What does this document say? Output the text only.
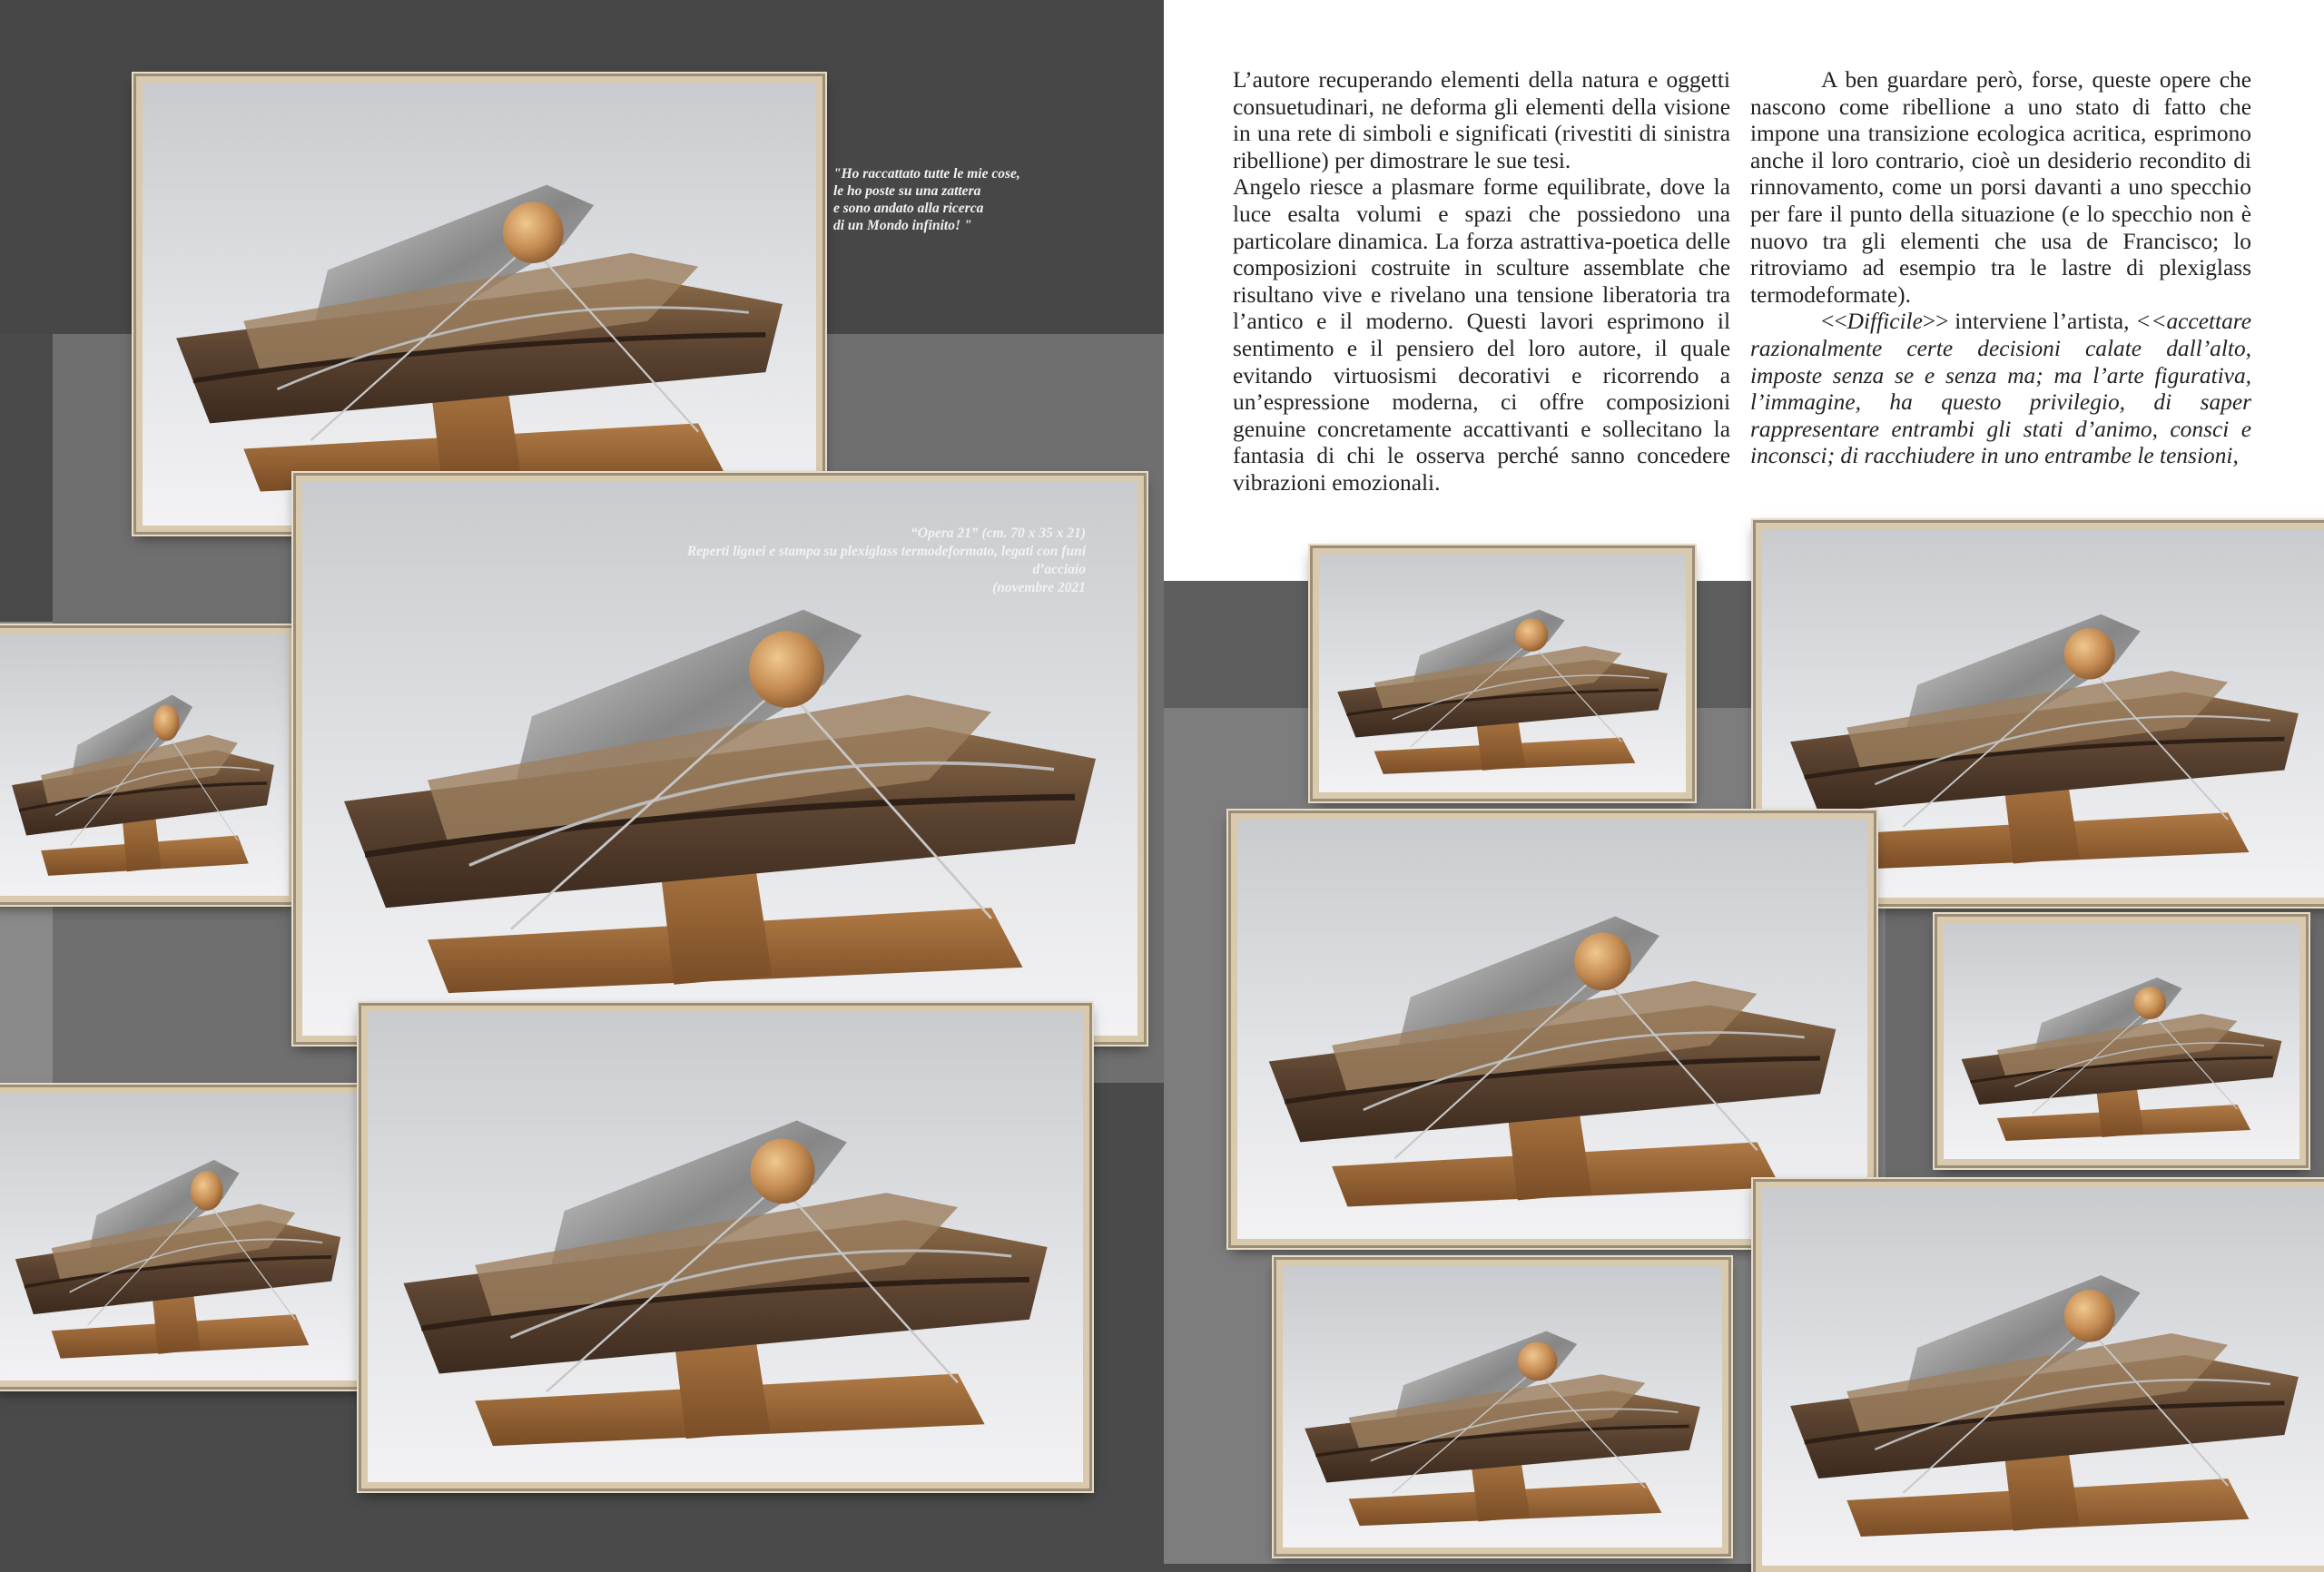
"Ho raccattato tutte le mie cose,
le ho poste su una zattera
e sono andato alla ricerca
di un Mondo infinito! "
“Opera 21” (cm. 70 x 35 x 21)
Reperti lignei e stampa su plexiglass termodeformato, legati con funi
d’acciaio
(novembre 2021

L’autore recuperando elementi della natura e oggetti consuetudinari, ne deforma gli elementi della visione in una rete di simboli e significati (rivestiti di sinistra ribellione) per dimostrare le sue tesi.

Angelo riesce a plasmare forme equilibrate, dove la luce esalta volumi e spazi che possiedono una particolare dinamica. La forza astrattiva-poetica delle composizioni costruite in sculture assemblate che risultano vive e rivelano una tensione liberatoria tra l’antico e il moderno. Questi lavori esprimono il sentimento e il pensiero del loro autore, il quale evitando virtuosismi decorativi e ricorrendo a un’espressione moderna, ci offre composizioni genuine concretamente accattivanti e sollecitano la fantasia di chi le osserva perché sanno concedere vibrazioni emozionali.

A ben guardare però, forse, queste opere che nascono come ribellione a uno stato di fatto che impone una transizione ecologica acritica, esprimono anche il loro contrario, cioè un desiderio recondito di rinnovamento, come un porsi davanti a uno specchio per fare il punto della situazione (e lo specchio non è nuovo tra gli elementi che usa de Francisco; lo ritroviamo ad esempio tra le lastre di plexiglass termodeformate).

<<Difficile>> interviene l’artista, <<accettare razionalmente certe decisioni calate dall’alto, imposte senza se e senza ma; ma l’arte figurativa, l’immagine, ha questo privilegio, di saper rappresentare entrambi gli stati d’animo, consci e inconsci; di racchiudere in uno entrambe le tensioni,
